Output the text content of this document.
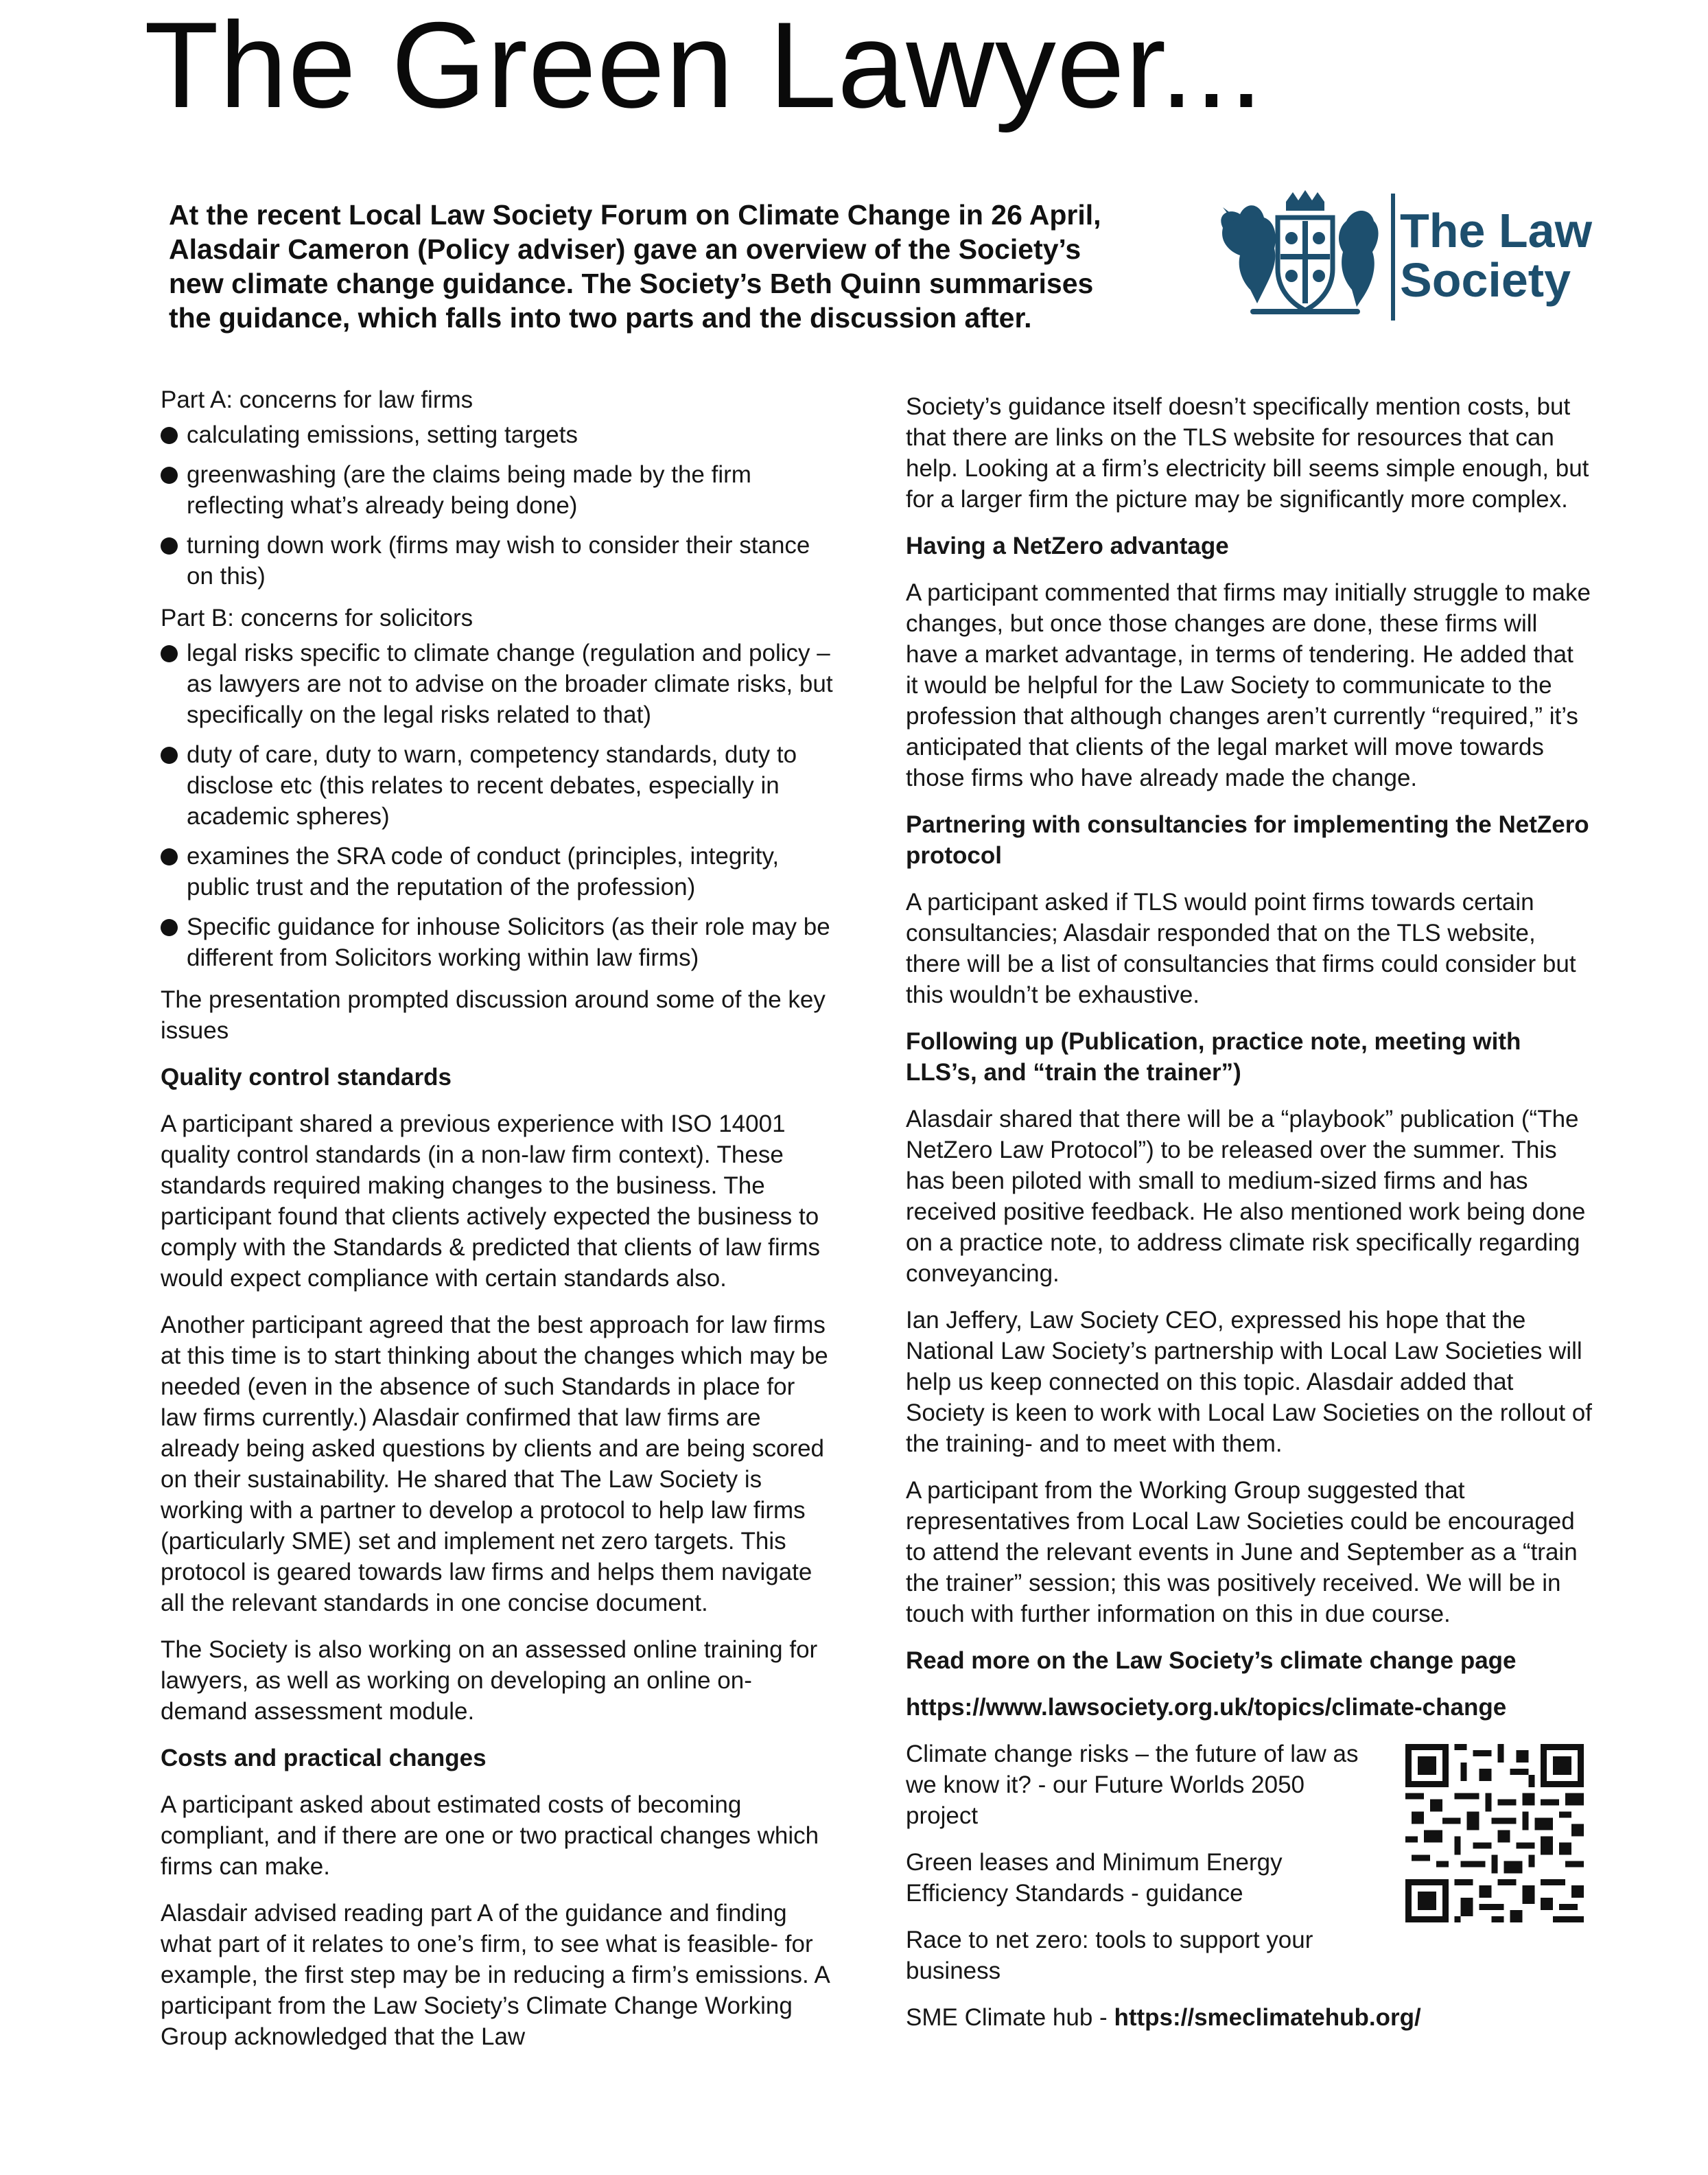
The Green Lawyer...
At the recent Local Law Society Forum on Climate Change in 26 April, Alasdair Cameron (Policy adviser) gave an overview of the Society’s new climate change guidance. The Society’s Beth Quinn summarises the guidance, which falls into two parts and the discussion after.
The Law
Society
Part A: concerns for law firms
calculating emissions, setting targets
greenwashing (are the claims being made by the firm reflecting what’s already being done)
turning down work (firms may wish to consider their stance on this)
Part B: concerns for solicitors
legal risks specific to climate change (regulation and policy – as lawyers are not to advise on the broader climate risks, but specifically on the legal risks related to that)
duty of care, duty to warn, competency standards, duty to disclose etc (this relates to recent debates, especially in academic spheres)
examines the SRA code of conduct (principles, integrity, public trust and the reputation of the profession)
Specific guidance for inhouse Solicitors (as their role may be different from Solicitors working within law firms)

The presentation prompted discussion around some of the key issues

Quality control standards

A participant shared a previous experience with ISO 14001 quality control standards (in a non-law firm context). These standards required making changes to the business. The participant found that clients actively expected the business to comply with the Standards & predicted that clients of law firms would expect compliance with certain standards also.

Another participant agreed that the best approach for law firms at this time is to start thinking about the changes which may be needed (even in the absence of such Standards in place for law firms currently.) Alasdair confirmed that law firms are already being asked questions by clients and are being scored on their sustainability. He shared that The Law Society is working with a partner to develop a protocol to help law firms (particularly SME) set and implement net zero targets. This protocol is geared towards law firms and helps them navigate all the relevant standards in one concise document.

The Society is also working on an assessed online training for lawyers, as well as working on developing an online on-demand assessment module.

Costs and practical changes

A participant asked about estimated costs of becoming compliant, and if there are one or two practical changes which firms can make.

Alasdair advised reading part A of the guidance and finding what part of it relates to one’s firm, to see what is feasible- for example, the first step may be in reducing a firm’s emissions. A participant from the Law Society’s Climate Change Working Group acknowledged that the Law

Society’s guidance itself doesn’t specifically mention costs, but that there are links on the TLS website for resources that can help. Looking at a firm’s electricity bill seems simple enough, but for a larger firm the picture may be significantly more complex.

Having a NetZero advantage

A participant commented that firms may initially struggle to make changes, but once those changes are done, these firms will have a market advantage, in terms of tendering. He added that it would be helpful for the Law Society to communicate to the profession that although changes aren’t currently “required,” it’s anticipated that clients of the legal market will move towards those firms who have already made the change.

Partnering with consultancies for implementing the NetZero protocol

A participant asked if TLS would point firms towards certain consultancies; Alasdair responded that on the TLS website, there will be a list of consultancies that firms could consider but this wouldn’t be exhaustive.

Following up (Publication, practice note, meeting with LLS’s, and “train the trainer”)

Alasdair shared that there will be a “playbook” publication (“The NetZero Law Protocol”) to be released over the summer. This has been piloted with small to medium-sized firms and has received positive feedback. He also mentioned work being done on a practice note, to address climate risk specifically regarding conveyancing.

Ian Jeffery, Law Society CEO, expressed his hope that the National Law Society’s partnership with Local Law Societies will help us keep connected on this topic. Alasdair added that Society is keen to work with Local Law Societies on the rollout of the training- and to meet with them.

A participant from the Working Group suggested that representatives from Local Law Societies could be encouraged to attend the relevant events in June and September as a “train the trainer” session; this was positively received. We will be in touch with further information on this in due course.

Read more on the Law Society’s climate change page

https://www.lawsociety.org.uk/topics/climate-change

Climate change risks – the future of law as we know it? - our Future Worlds 2050 project

Green leases and Minimum Energy Efficiency Standards - guidance

Race to net zero: tools to support your business

SME Climate hub - https://smeclimatehub.org/
